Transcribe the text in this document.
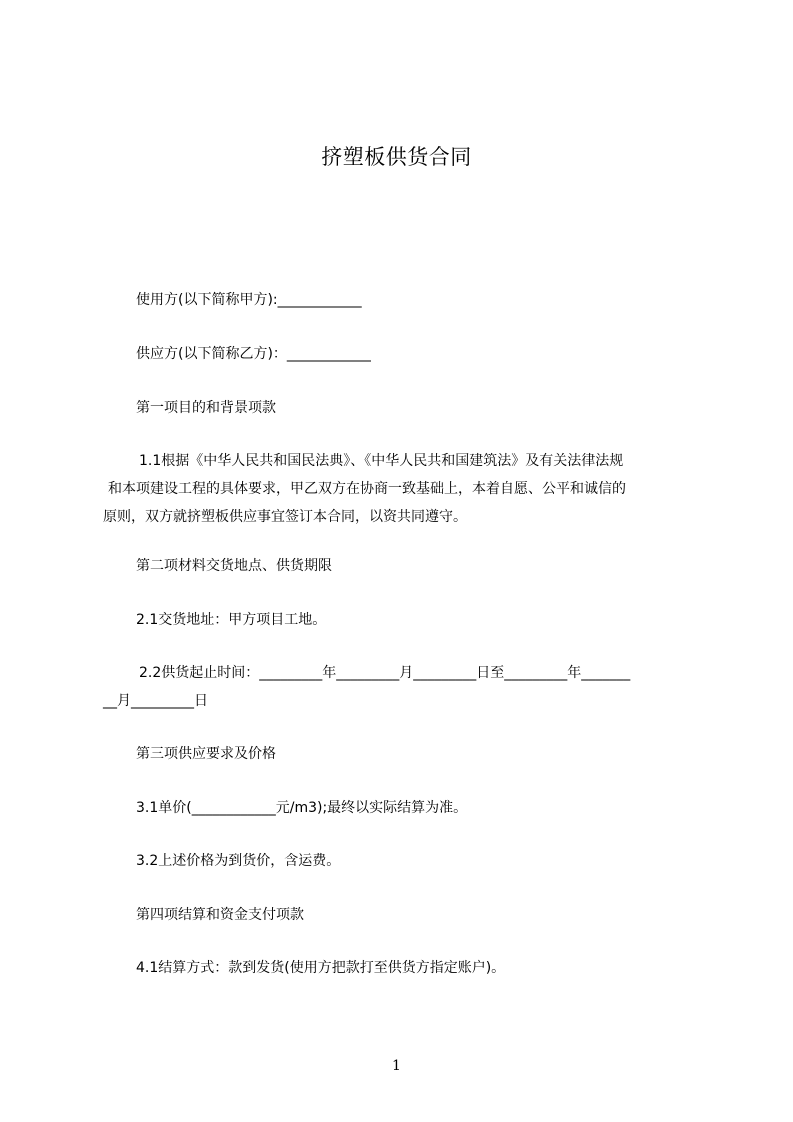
挤塑板供货合同
使用方(以下简称甲方):____________
供应方(以下简称乙方)：____________
第一项目的和背景项款
1.1根据《中华人民共和国民法典》、《中华人民共和国建筑法》及有关法律法规
和本项建设工程的具体要求，甲乙双方在协商一致基础上，本着自愿、公平和诚信的
原则，双方就挤塑板供应事宜签订本合同，以资共同遵守。
第二项材料交货地点、供货期限
2.1交货地址：甲方项目工地。
2.2供货起止时间：_________年_________月_________日至_________年_______
__月_________日
第三项供应要求及价格
3.1单价(____________元/m3);最终以实际结算为准。
3.2上述价格为到货价，含运费。
第四项结算和资金支付项款
4.1结算方式：款到发货(使用方把款打至供货方指定账户)。
1
